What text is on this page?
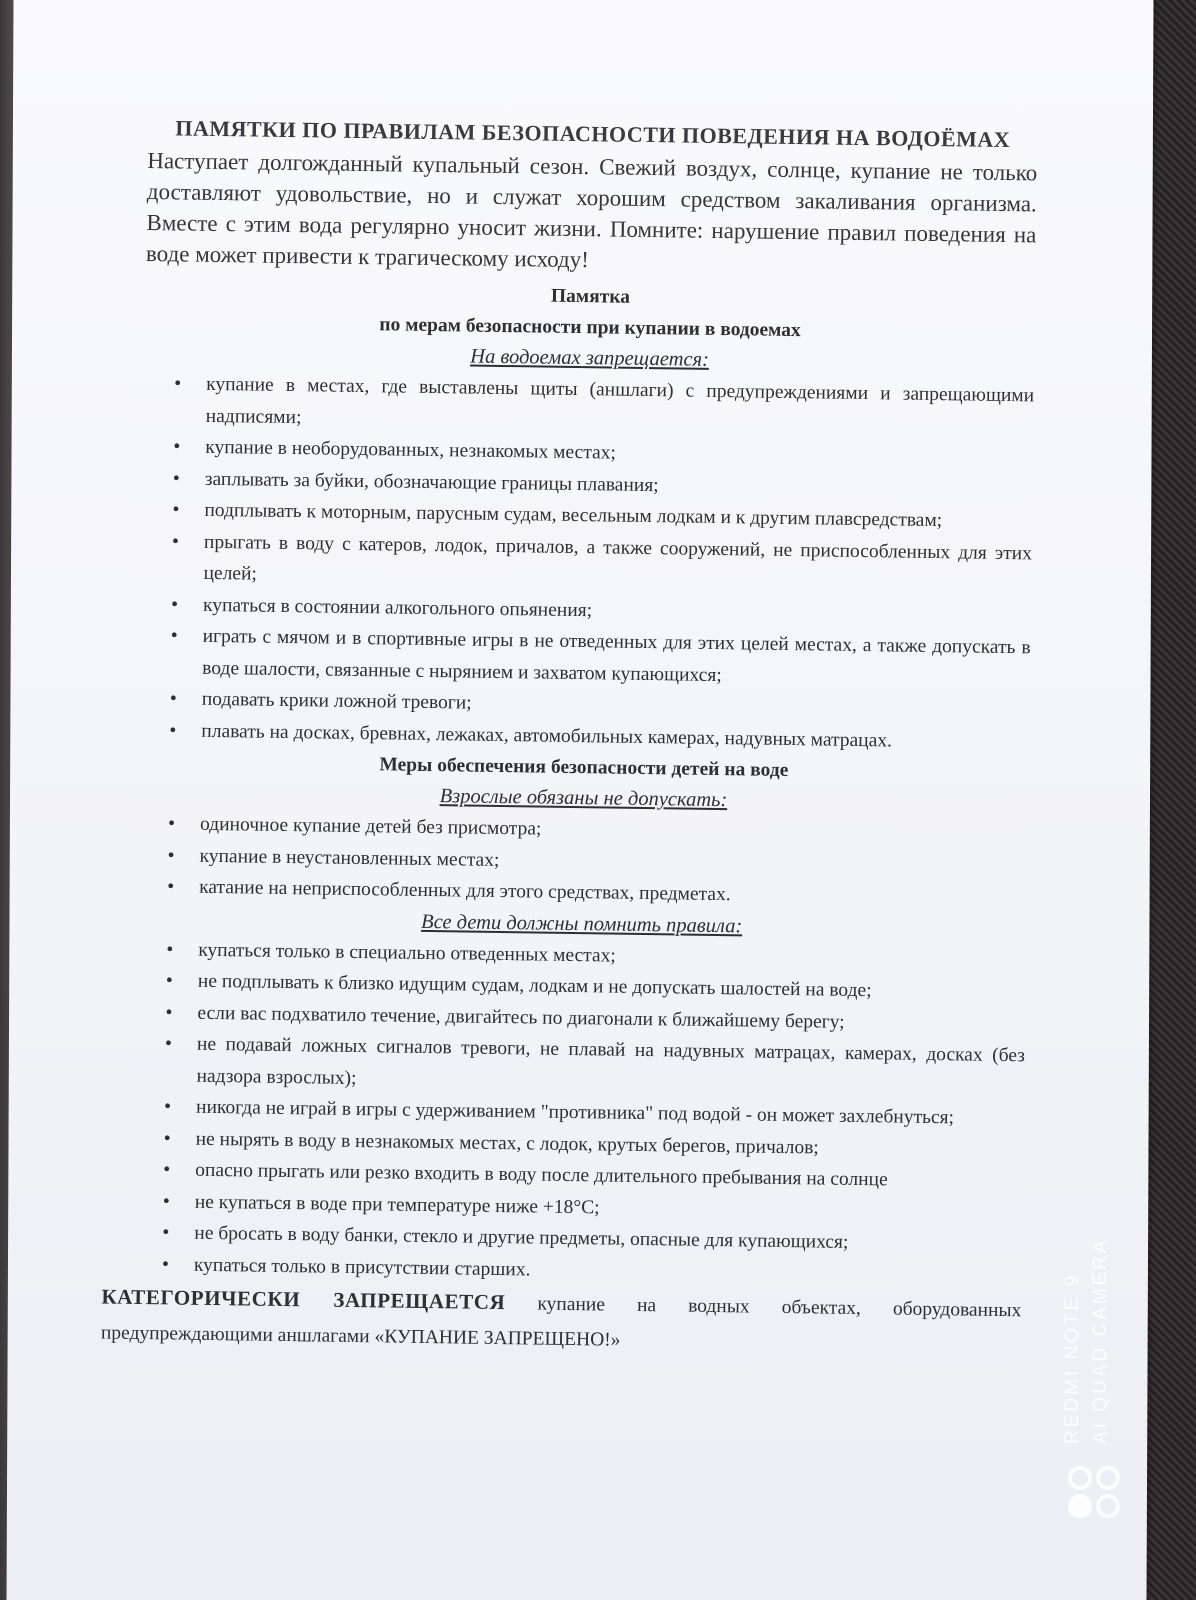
ПАМЯТКИ ПО ПРАВИЛАМ БЕЗОПАСНОСТИ ПОВЕДЕНИЯ НА ВОДОЁМАХ
Наступает долгожданный купальный сезон. Свежий воздух, солнце, купание не только доставляют удовольствие, но и служат хорошим средством закаливания организма. Вместе с этим вода регулярно уносит жизни. Помните: нарушение правил поведения на воде может привести к трагическому исходу!
Памятка
по мерам безопасности при купании в водоемах
На водоемах запрещается:
• купание в местах, где выставлены щиты (аншлаги) с предупреждениями и запрещающими надписями;
• купание в необорудованных, незнакомых местах;
• заплывать за буйки, обозначающие границы плавания;
• подплывать к моторным, парусным судам, весельным лодкам и к другим плавсредствам;
• прыгать в воду с катеров, лодок, причалов, а также сооружений, не приспособленных для этих целей;
• купаться в состоянии алкогольного опьянения;
• играть с мячом и в спортивные игры в не отведенных для этих целей местах, а также допускать в воде шалости, связанные с нырянием и захватом купающихся;
• подавать крики ложной тревоги;
• плавать на досках, бревнах, лежаках, автомобильных камерах, надувных матрацах.
Меры обеспечения безопасности детей на воде
Взрослые обязаны не допускать:
• одиночное купание детей без присмотра;
• купание в неустановленных местах;
• катание на неприспособленных для этого средствах, предметах.
Все дети должны помнить правила:
• купаться только в специально отведенных местах;
• не подплывать к близко идущим судам, лодкам и не допускать шалостей на воде;
• если вас подхватило течение, двигайтесь по диагонали к ближайшему берегу;
• не подавай ложных сигналов тревоги, не плавай на надувных матрацах, камерах, досках (без надзора взрослых);
• никогда не играй в игры с удерживанием "противника" под водой - он может захлебнуться;
• не нырять в воду в незнакомых местах, с лодок, крутых берегов, причалов;
• опасно прыгать или резко входить в воду после длительного пребывания на солнце
• не купаться в воде при температуре ниже +18°С;
• не бросать в воду банки, стекло и другие предметы, опасные для купающихся;
• купаться только в присутствии старших.
КАТЕГОРИЧЕСКИ ЗАПРЕЩАЕТСЯ купание на водных объектах, оборудованных предупреждающими аншлагами «КУПАНИЕ ЗАПРЕЩЕНО!»	REDMI NOTE 9 AI QUAD CAMERA
